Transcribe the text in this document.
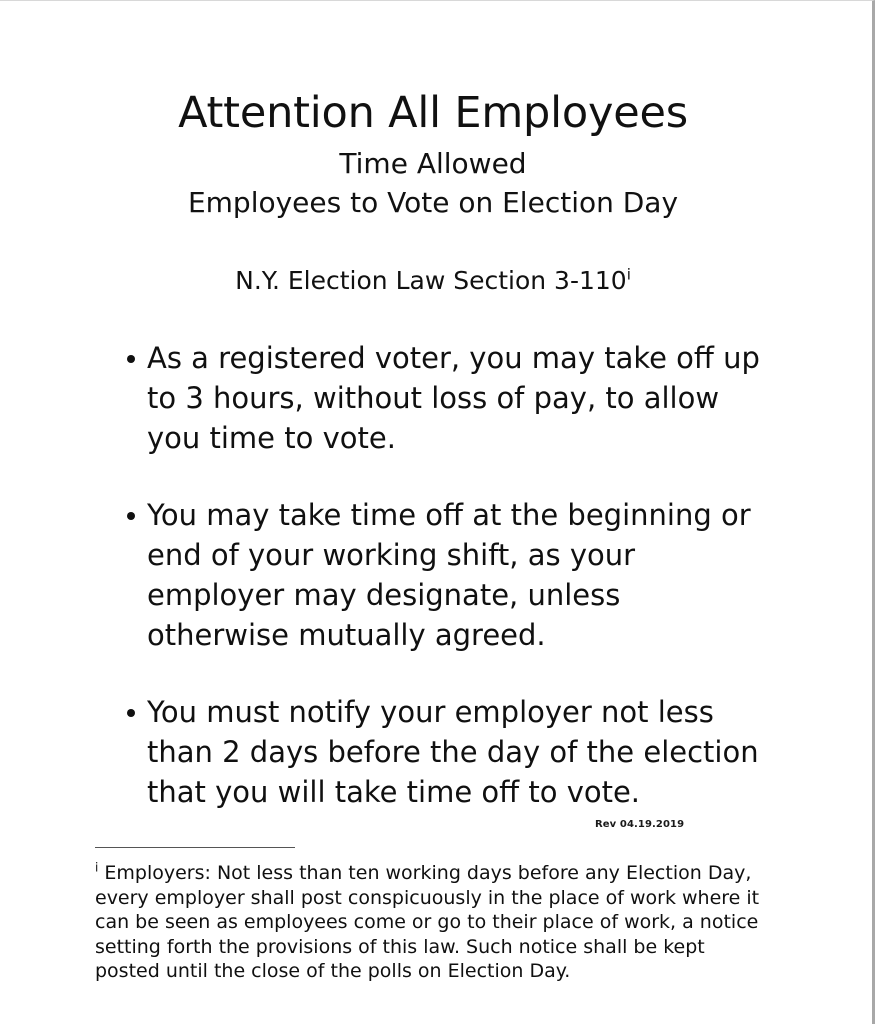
Attention All Employees

Time Allowed

Employees to Vote on Election Day

N.Y. Election Law Section 3-110$^i$
As a registered voter, you may take off up to 3 hours, without loss of pay, to allow you time to vote.
You may take time off at the beginning or end of your working shift, as your employer may designate, unless otherwise mutually agreed.
You must notify your employer not less than 2 days before the day of the election that you will take time off to vote.
Rev 04.19.2019

$^i$ Employers: Not less than ten working days before any Election Day, every employer shall post conspicuously in the place of work where it can be seen as employees come or go to their place of work, a notice setting forth the provisions of this law. Such notice shall be kept posted until the close of the polls on Election Day.
